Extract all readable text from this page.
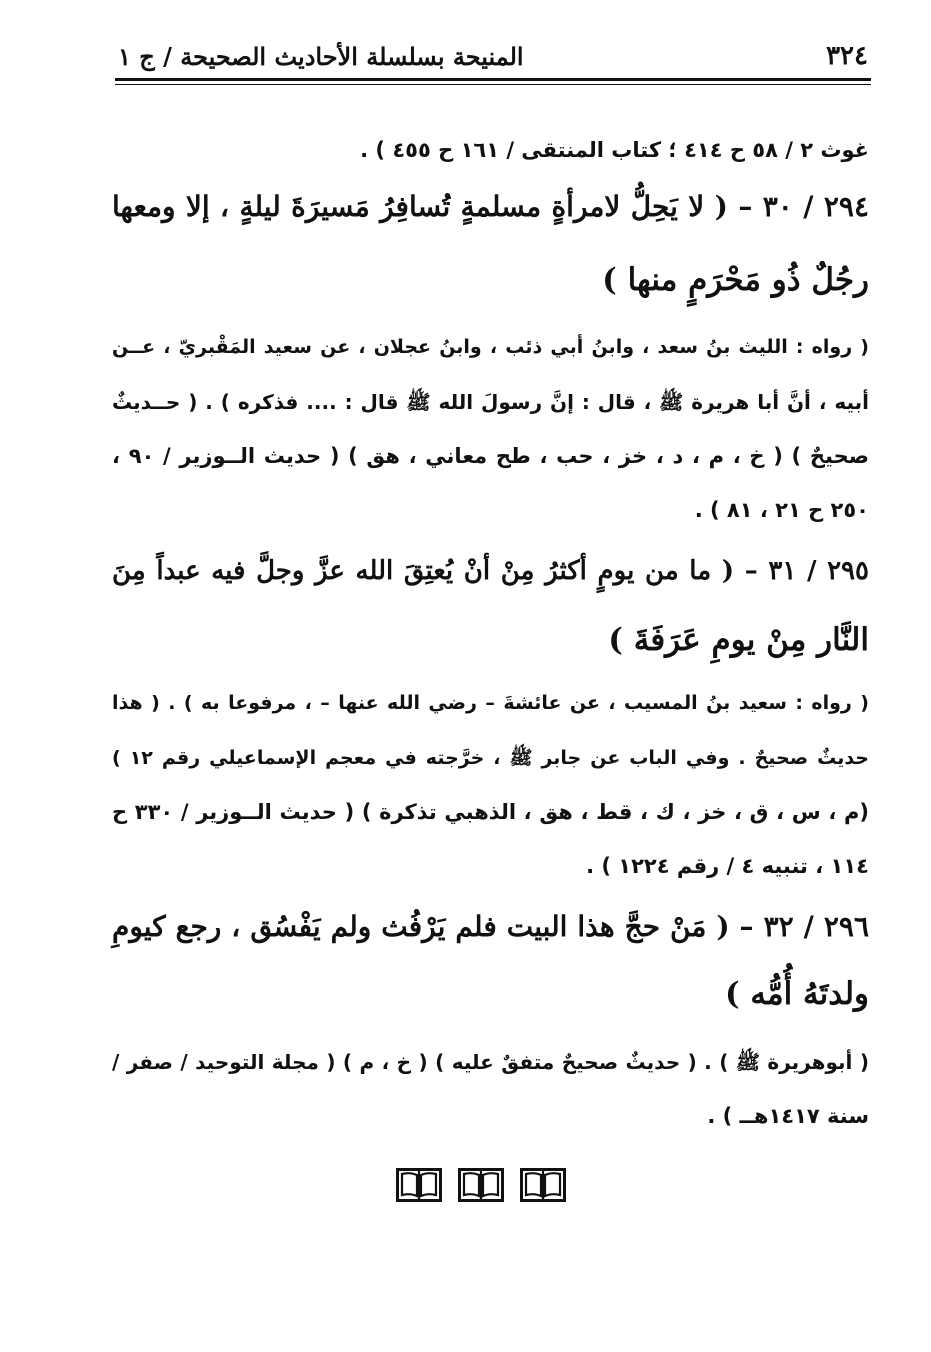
٣٢٤
المنيحة بسلسلة الأحاديث الصحيحة / ج ١
غوث ٢ / ٥٨ ح ٤١٤ ؛ كتاب المنتقى / ١٦١ ح ٤٥٥ ) .
٢٩٤ / ٣٠ – ( لا يَحِلُّ لامرأةٍ مسلمةٍ تُسافِرُ مَسيرَةَ ليلةٍ ، إلا ومعها
رجُلٌ ذُو مَحْرَمٍ منها )
( رواه : الليث بنُ سعد ، وابنُ أبي ذئب ، وابنُ عجلان ، عن سعيد المَقْبريّ ، عــن
أبيه ، أنَّ أبا هريرة ﷺ ، قال : إنَّ رسولَ الله ﷺ قال : .... فذكره ) . ( حــديثٌ
صحيحٌ ) ( خ ، م ، د ، خز ، حب ، طح معاني ، هق ) ( حديث الــوزير / ٩٠ ،
٢٥٠ ح ٢١ ، ٨١ ) .
٢٩٥ / ٣١ – ( ما من يومٍ أكثرُ مِنْ أنْ يُعتِقَ الله عزَّ وجلَّ فيه عبداً مِنَ
النَّار مِنْ يومِ عَرَفَةَ )
( رواه : سعيد بنُ المسيب ، عن عائشةَ – رضي الله عنها – ، مرفوعا به ) . ( هذا
حديثٌ صحيحٌ . وفي الباب عن جابر ﷺ ، خرَّجته في معجم الإسماعيلي رقم ١٢ )
(م ، س ، ق ، خز ، ك ، قط ، هق ، الذهبي تذكرة ) ( حديث الــوزير / ٣٣٠ ح
١١٤ ، تنبيه ٤ / رقم ١٢٢٤ ) .
٢٩٦ / ٣٢ – ( مَنْ حجَّ هذا البيت فلم يَرْفُث ولم يَفْسُق ، رجع كيومِ
ولدتَهُ أُمُّه )
( أبوهريرة ﷺ ) . ( حديثٌ صحيحٌ متفقٌ عليه ) ( خ ، م ) ( مجلة التوحيد / صفر /
سنة ١٤١٧هــ ) .
